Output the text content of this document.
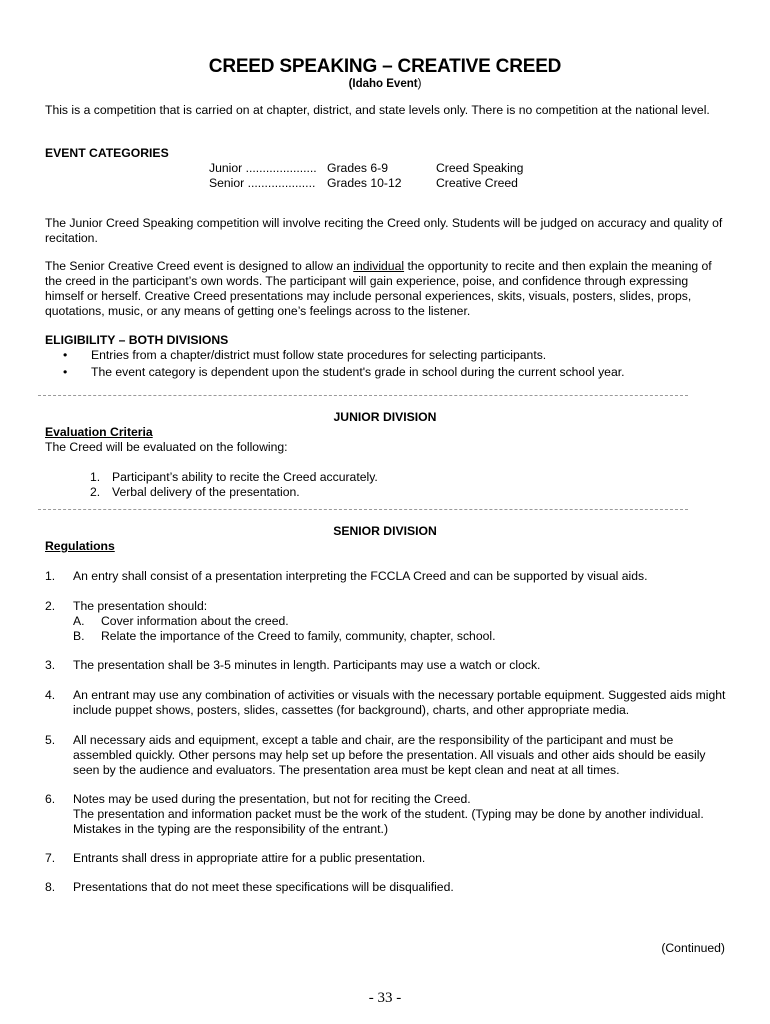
CREED SPEAKING – CREATIVE CREED
(Idaho Event)
This is a competition that is carried on at chapter, district, and state levels only. There is no competition at the national level.
EVENT CATEGORIES
Junior ..................... Grades 6-9	Creed Speaking
Senior .................... Grades 10-12	Creative Creed
The Junior Creed Speaking competition will involve reciting the Creed only. Students will be judged on accuracy and quality of recitation.
The Senior Creative Creed event is designed to allow an individual the opportunity to recite and then explain the meaning of the creed in the participant’s own words. The participant will gain experience, poise, and confidence through expressing himself or herself. Creative Creed presentations may include personal experiences, skits, visuals, posters, slides, props, quotations, music, or any means of getting one’s feelings across to the listener.
ELIGIBILITY – BOTH DIVISIONS
• Entries from a chapter/district must follow state procedures for selecting participants.
• The event category is dependent upon the student's grade in school during the current school year.
JUNIOR DIVISION
Evaluation Criteria
The Creed will be evaluated on the following:
1. Participant’s ability to recite the Creed accurately.
2. Verbal delivery of the presentation.
SENIOR DIVISION
Regulations
1. An entry shall consist of a presentation interpreting the FCCLA Creed and can be supported by visual aids.
2. The presentation should:
A. Cover information about the creed.
B. Relate the importance of the Creed to family, community, chapter, school.
3. The presentation shall be 3-5 minutes in length. Participants may use a watch or clock.
4. An entrant may use any combination of activities or visuals with the necessary portable equipment. Suggested aids might include puppet shows, posters, slides, cassettes (for background), charts, and other appropriate media.
5. All necessary aids and equipment, except a table and chair, are the responsibility of the participant and must be assembled quickly. Other persons may help set up before the presentation. All visuals and other aids should be easily seen by the audience and evaluators. The presentation area must be kept clean and neat at all times.
6. Notes may be used during the presentation, but not for reciting the Creed.
The presentation and information packet must be the work of the student. (Typing may be done by another individual. Mistakes in the typing are the responsibility of the entrant.)
7. Entrants shall dress in appropriate attire for a public presentation.
8. Presentations that do not meet these specifications will be disqualified.
(Continued)
- 33 -
